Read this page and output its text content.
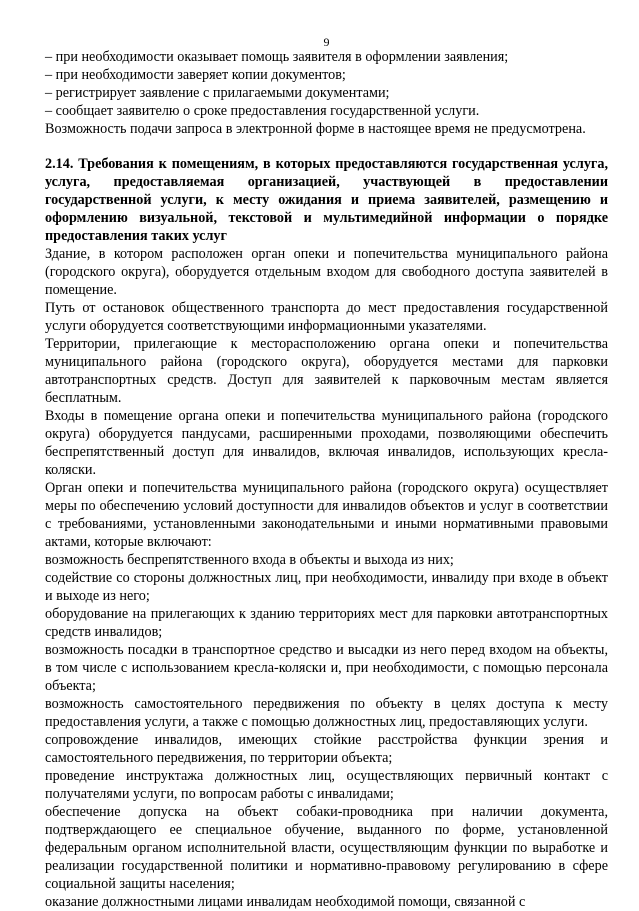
9

– при необходимости оказывает помощь заявителя в оформлении заявления;

– при необходимости заверяет копии документов;

– регистрирует заявление с прилагаемыми документами;

– сообщает заявителю о сроке предоставления государственной услуги.

Возможность подачи запроса в электронной форме в настоящее время не предусмотрена.

2.14. Требования к помещениям, в которых предоставляются государственная услуга, услуга, предоставляемая организацией, участвующей в предоставлении государственной услуги, к месту ожидания и приема заявителей, размещению и оформлению визуальной, текстовой и мультимедийной информации о порядке предоставления таких услуг

Здание, в котором расположен орган опеки и попечительства муниципального района (городского округа), оборудуется отдельным входом для свободного доступа заявителей в помещение.

Путь от остановок общественного транспорта до мест предоставления государственной услуги оборудуется соответствующими информационными указателями.

Территории, прилегающие к месторасположению органа опеки и попечительства муниципального района (городского округа), оборудуется местами для парковки автотранспортных средств. Доступ для заявителей к парковочным местам является бесплатным.

Входы в помещение органа опеки и попечительства муниципального района (городского округа) оборудуется пандусами, расширенными проходами, позволяющими обеспечить беспрепятственный доступ для инвалидов, включая инвалидов, использующих кресла-коляски.

Орган опеки и попечительства муниципального района (городского округа) осуществляет меры по обеспечению условий доступности для инвалидов объектов и услуг в соответствии с требованиями, установленными законодательными и иными нормативными правовыми актами, которые включают:

возможность беспрепятственного входа в объекты и выхода из них;

содействие со стороны должностных лиц, при необходимости, инвалиду при входе в объект и выходе из него;

оборудование на прилегающих к зданию территориях мест для парковки автотранспортных средств инвалидов;

возможность посадки в транспортное средство и высадки из него перед входом на объекты, в том числе с использованием кресла-коляски и, при необходимости, с помощью персонала объекта;

возможность самостоятельного передвижения по объекту в целях доступа к месту предоставления услуги, а также с помощью должностных лиц, предоставляющих услуги.

сопровождение инвалидов, имеющих стойкие расстройства функции зрения и самостоятельного передвижения, по территории объекта;

проведение инструктажа должностных лиц, осуществляющих первичный контакт с получателями услуги, по вопросам работы с инвалидами;

обеспечение допуска на объект собаки-проводника при наличии документа, подтверждающего ее специальное обучение, выданного по форме, установленной федеральным органом исполнительной власти, осуществляющим функции по выработке и реализации государственной политики и нормативно-правовому регулированию в сфере социальной защиты населения;

оказание должностными лицами инвалидам необходимой помощи, связанной с
